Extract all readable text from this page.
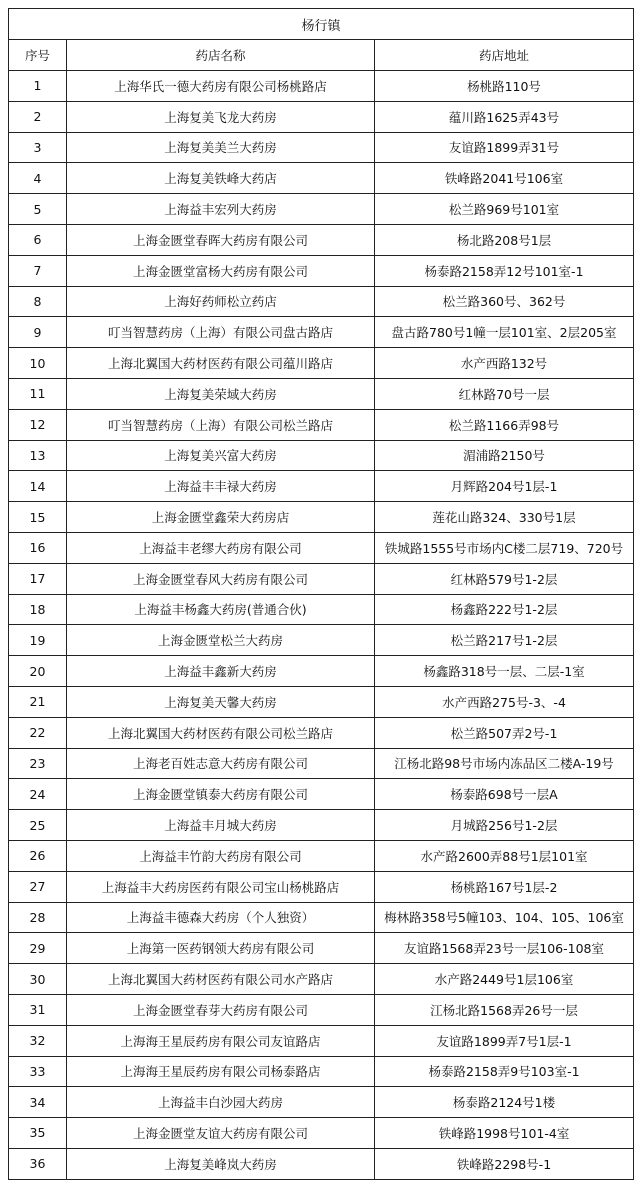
杨行镇		
序号	药店名称	药店地址
1	上海华氏一德大药房有限公司杨桃路店	杨桃路110号
2	上海复美飞龙大药房	蕴川路1625弄43号
3	上海复美美兰大药房	友谊路1899弄31号
4	上海复美铁峰大药店	铁峰路2041号106室
5	上海益丰宏列大药房	松兰路969号101室
6	上海金匮堂春晖大药房有限公司	杨北路208号1层
7	上海金匮堂富杨大药房有限公司	杨泰路2158弄12号101室-1
8	上海好药师松立药店	松兰路360号、362号
9	叮当智慧药房（上海）有限公司盘古路店	盘古路780号1幢一层101室、2层205室
10	上海北翼国大药材医药有限公司蕴川路店	水产西路132号
11	上海复美荣域大药房	红林路70号一层
12	叮当智慧药房（上海）有限公司松兰路店	松兰路1166弄98号
13	上海复美兴富大药房	湄浦路2150号
14	上海益丰丰禄大药房	月辉路204号1层-1
15	上海金匮堂鑫荣大药房店	莲花山路324、330号1层
16	上海益丰老缪大药房有限公司	铁城路1555号市场内C楼二层719、720号
17	上海金匮堂春风大药房有限公司	红林路579号1-2层
18	上海益丰杨鑫大药房(普通合伙)	杨鑫路222号1-2层
19	上海金匮堂松兰大药房	松兰路217号1-2层
20	上海益丰鑫新大药房	杨鑫路318号一层、二层-1室
21	上海复美天馨大药房	水产西路275号-3、-4
22	上海北翼国大药材医药有限公司松兰路店	松兰路507弄2号-1
23	上海老百姓志意大药房有限公司	江杨北路98号市场内冻品区二楼A-19号
24	上海金匮堂镇泰大药房有限公司	杨泰路698号一层A
25	上海益丰月城大药房	月城路256号1-2层
26	上海益丰竹韵大药房有限公司	水产路2600弄88号1层101室
27	上海益丰大药房医药有限公司宝山杨桃路店	杨桃路167号1层-2
28	上海益丰德森大药房（个人独资）	梅林路358号5幢103、104、105、106室
29	上海第一医药钢领大药房有限公司	友谊路1568弄23号一层106-108室
30	上海北翼国大药材医药有限公司水产路店	水产路2449号1层106室
31	上海金匮堂春芽大药房有限公司	江杨北路1568弄26号一层
32	上海海王星辰药房有限公司友谊路店	友谊路1899弄7号1层-1
33	上海海王星辰药房有限公司杨泰路店	杨泰路2158弄9号103室-1
34	上海益丰白沙园大药房	杨泰路2124号1楼
35	上海金匮堂友谊大药房有限公司	铁峰路1998号101-4室
36	上海复美峰岚大药房	铁峰路2298号-1
